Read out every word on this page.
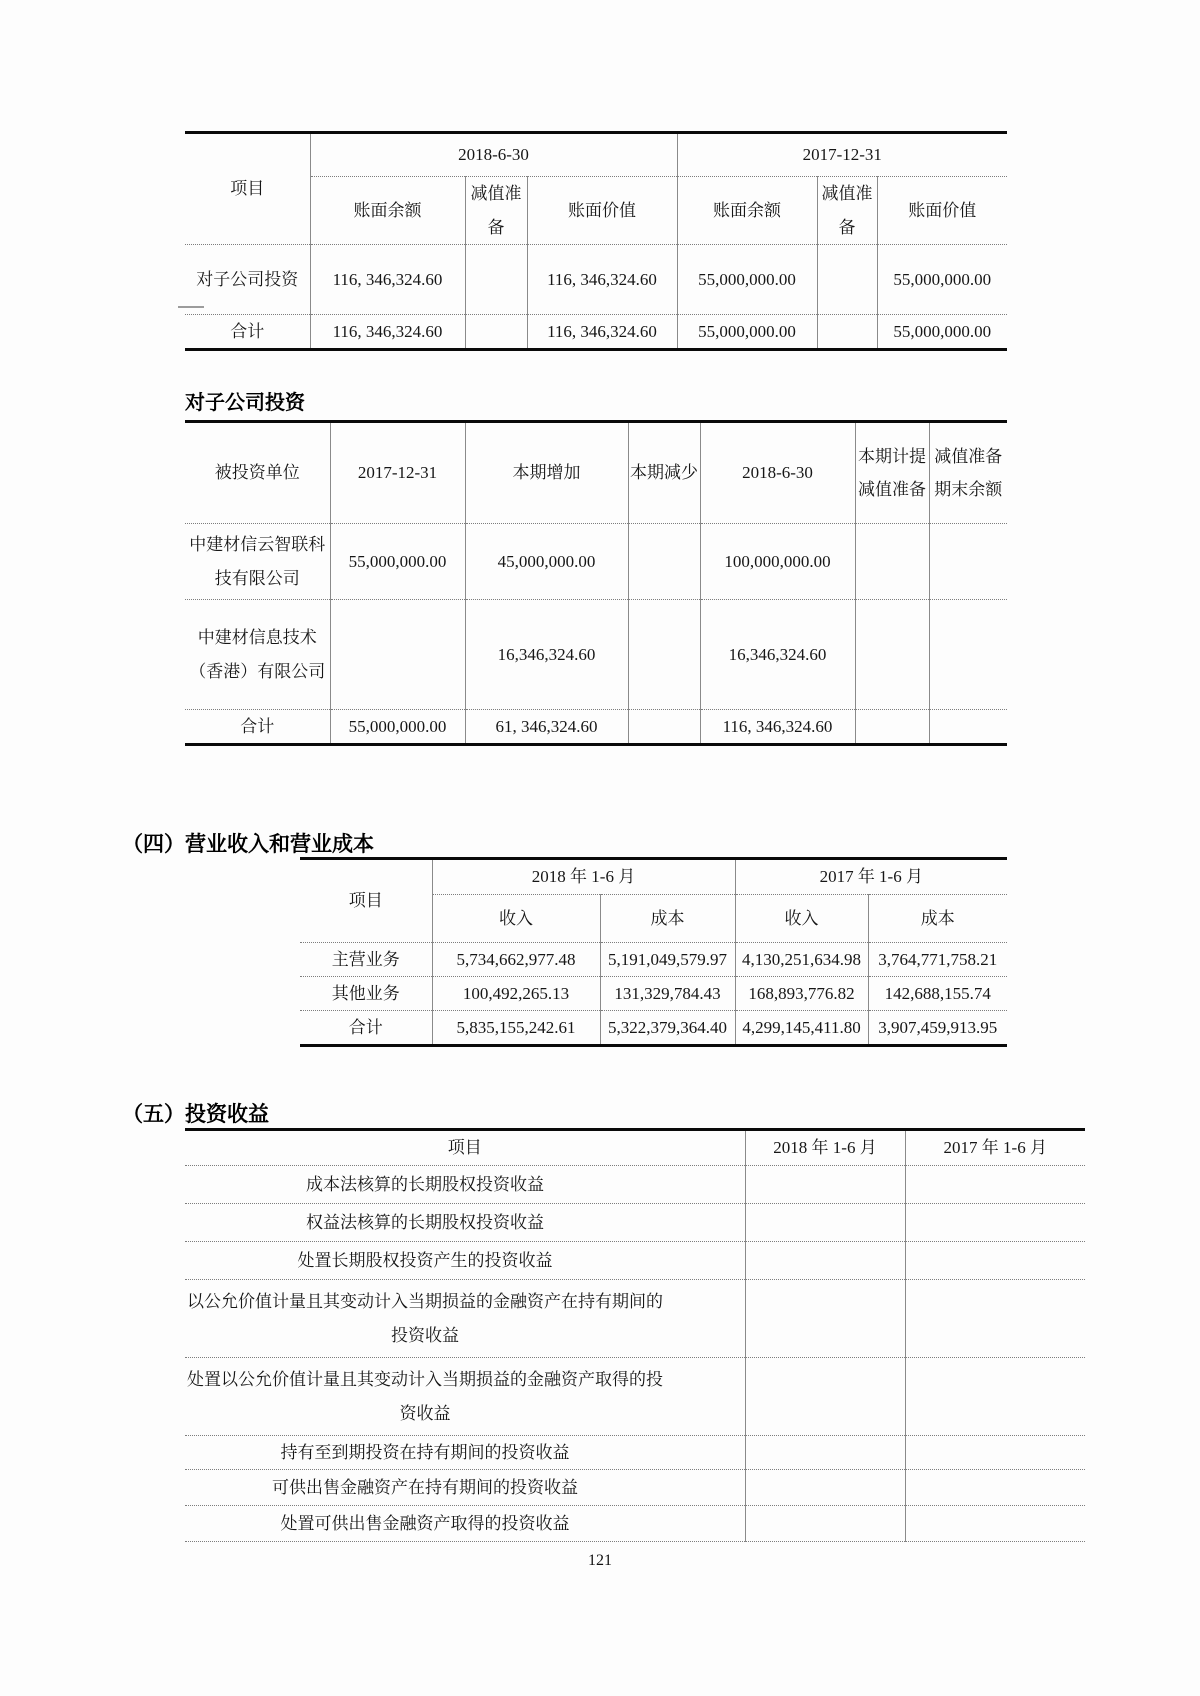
项目	2018-6-30			2017-12-31		
	账面余额	减值准备	账面价值	账面余额	减值准备	账面价值
对子公司投资	116, 346,324.60		116, 346,324.60	55,000,000.00		55,000,000.00
合计	116, 346,324.60		116, 346,324.60	55,000,000.00		55,000,000.00
对子公司投资
被投资单位	2017-12-31	本期增加	本期减少	2018-6-30	本期计提减值准备	减值准备期末余额
中建材信云智联科技有限公司	55,000,000.00	45,000,000.00		100,000,000.00		
中建材信息技术（香港）有限公司		16,346,324.60		16,346,324.60		
合计	55,000,000.00	61, 346,324.60		116, 346,324.60		
（四）营业收入和营业成本
项目	2018 年 1-6 月		2017 年 1-6 月	
	收入	成本	收入	成本
主营业务	5,734,662,977.48	5,191,049,579.97	4,130,251,634.98	3,764,771,758.21
其他业务	100,492,265.13	131,329,784.43	168,893,776.82	142,688,155.74
合计	5,835,155,242.61	5,322,379,364.40	4,299,145,411.80	3,907,459,913.95
（五）投资收益
项目	2018 年 1-6 月	2017 年 1-6 月

成本法核算的长期股权投资收益		

权益法核算的长期股权投资收益		

处置长期股权投资产生的投资收益		

以公允价值计量且其变动计入当期损益的金融资产在持有期间的投资收益		

处置以公允价值计量且其变动计入当期损益的金融资产取得的投资收益		

持有至到期投资在持有期间的投资收益		

可供出售金融资产在持有期间的投资收益		

处置可供出售金融资产取得的投资收益		

121
